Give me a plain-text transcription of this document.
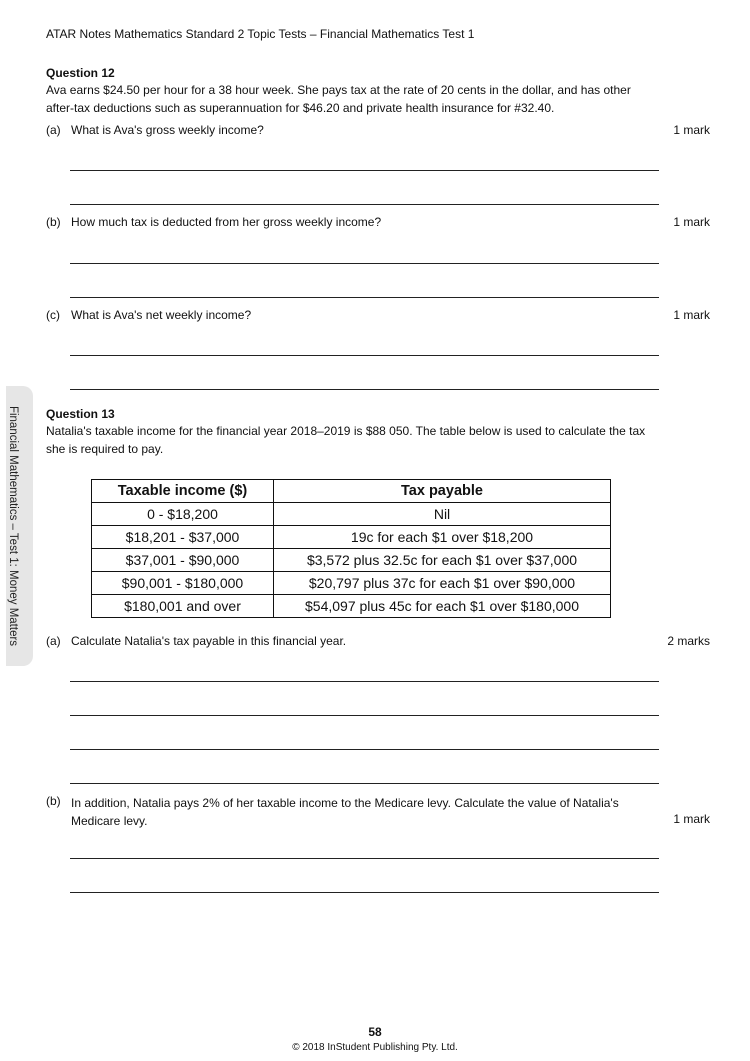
ATAR Notes Mathematics Standard 2 Topic Tests – Financial Mathematics Test 1
Financial Mathematics – Test 1: Money Matters
Question 12
Ava earns $24.50 per hour for a 38 hour week. She pays tax at the rate of 20 cents in the dollar, and has other
after-tax deductions such as superannuation for $46.20 and private health insurance for #32.40.
(a) What is Ava's gross weekly income?	1 mark
(b) How much tax is deducted from her gross weekly income?	1 mark
(c) What is Ava's net weekly income?	1 mark
Question 13
Natalia's taxable income for the financial year 2018–2019 is $88 050. The table below is used to calculate the tax
she is required to pay.
Taxable income ($)	Tax payable
0 - $18,200	Nil
$18,201 - $37,000	19c for each $1 over $18,200
$37,001 - $90,000	$3,572 plus 32.5c for each $1 over $37,000
$90,001 - $180,000	$20,797 plus 37c for each $1 over $90,000
$180,001 and over	$54,097 plus 45c for each $1 over $180,000
(a) Calculate Natalia's tax payable in this financial year.	2 marks
(b) In addition, Natalia pays 2% of her taxable income to the Medicare levy. Calculate the value of Natalia's
Medicare levy.	1 mark
58
© 2018 InStudent Publishing Pty. Ltd.
